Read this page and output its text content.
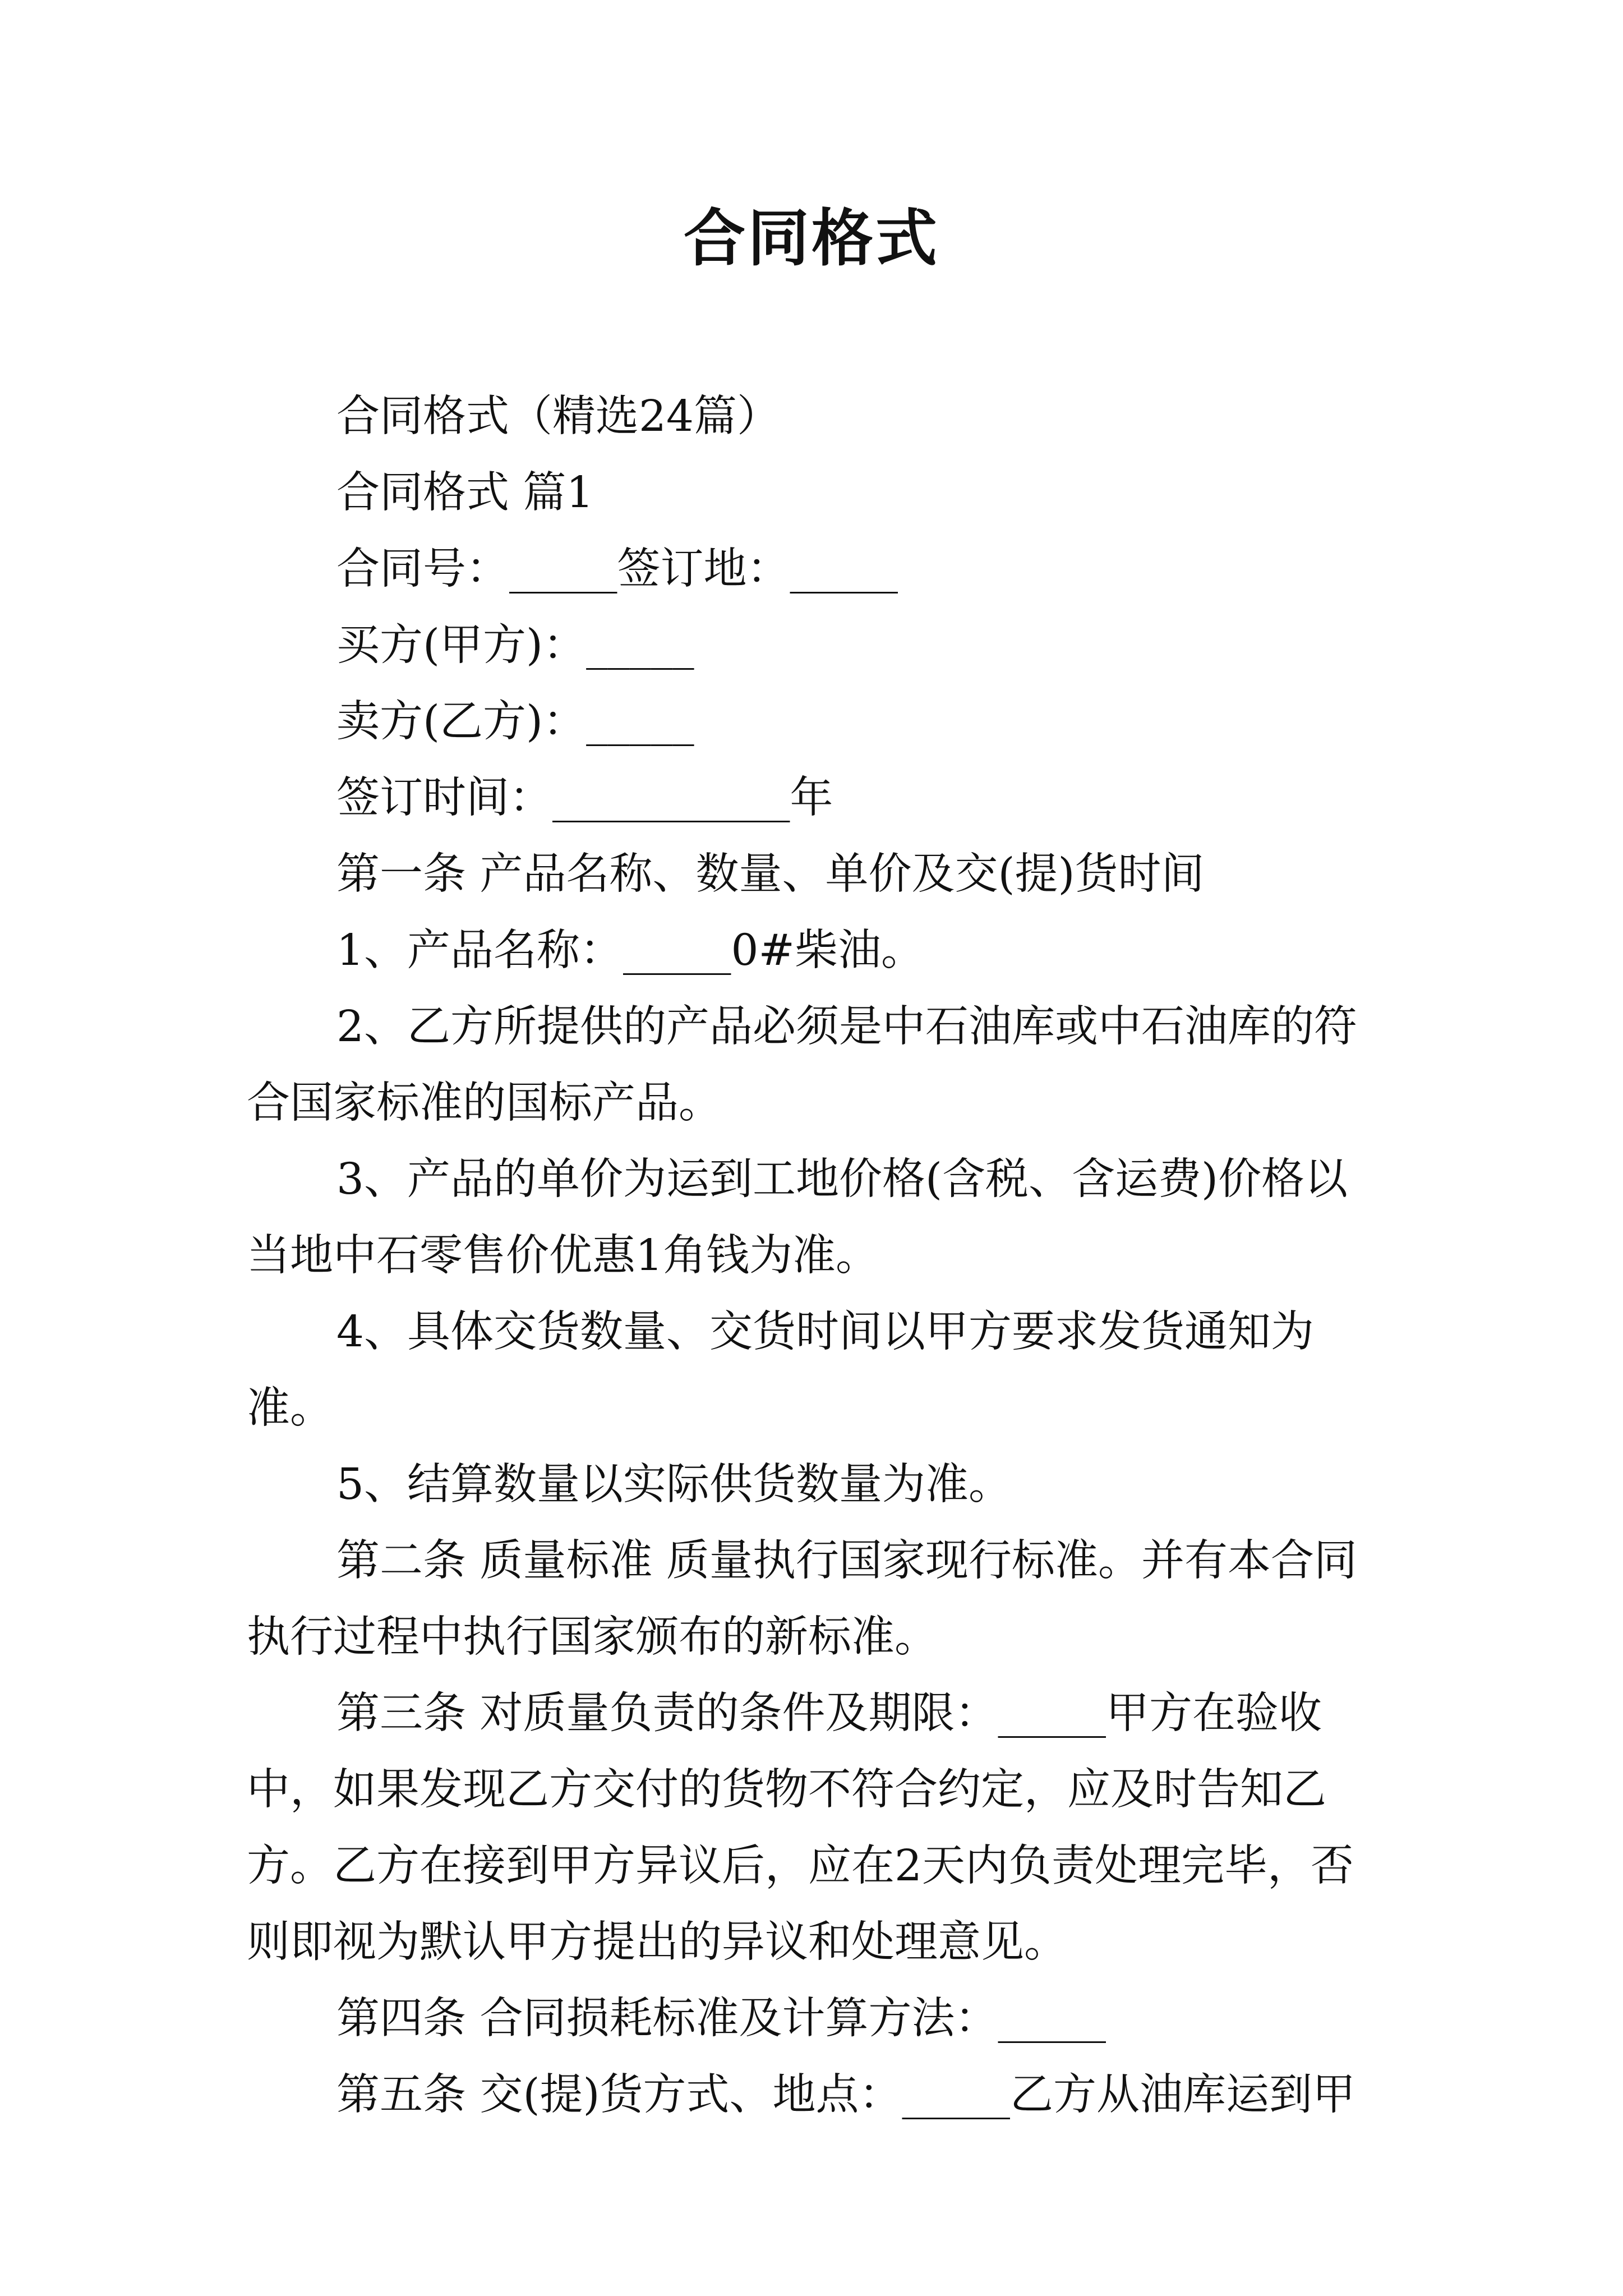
合同格式

合同格式（精选24篇）

合同格式 篇1

合同号：_____签订地：_____

买方(甲方)：_____

卖方(乙方)：_____

签订时间：___________年

第一条 产品名称、数量、单价及交(提)货时间

1、产品名称：_____0#柴油。

2、乙方所提供的产品必须是中石油库或中石油库的符合国家标准的国标产品。

3、产品的单价为运到工地价格(含税、含运费)价格以当地中石零售价优惠1角钱为准。

4、具体交货数量、交货时间以甲方要求发货通知为准。

5、结算数量以实际供货数量为准。

第二条 质量标准 质量执行国家现行标准。并有本合同执行过程中执行国家颁布的新标准。

第三条 对质量负责的条件及期限：_____甲方在验收中，如果发现乙方交付的货物不符合约定，应及时告知乙方。乙方在接到甲方异议后，应在2天内负责处理完毕，否则即视为默认甲方提出的异议和处理意见。

第四条 合同损耗标准及计算方法：_____

第五条 交(提)货方式、地点：_____乙方从油库运到甲
